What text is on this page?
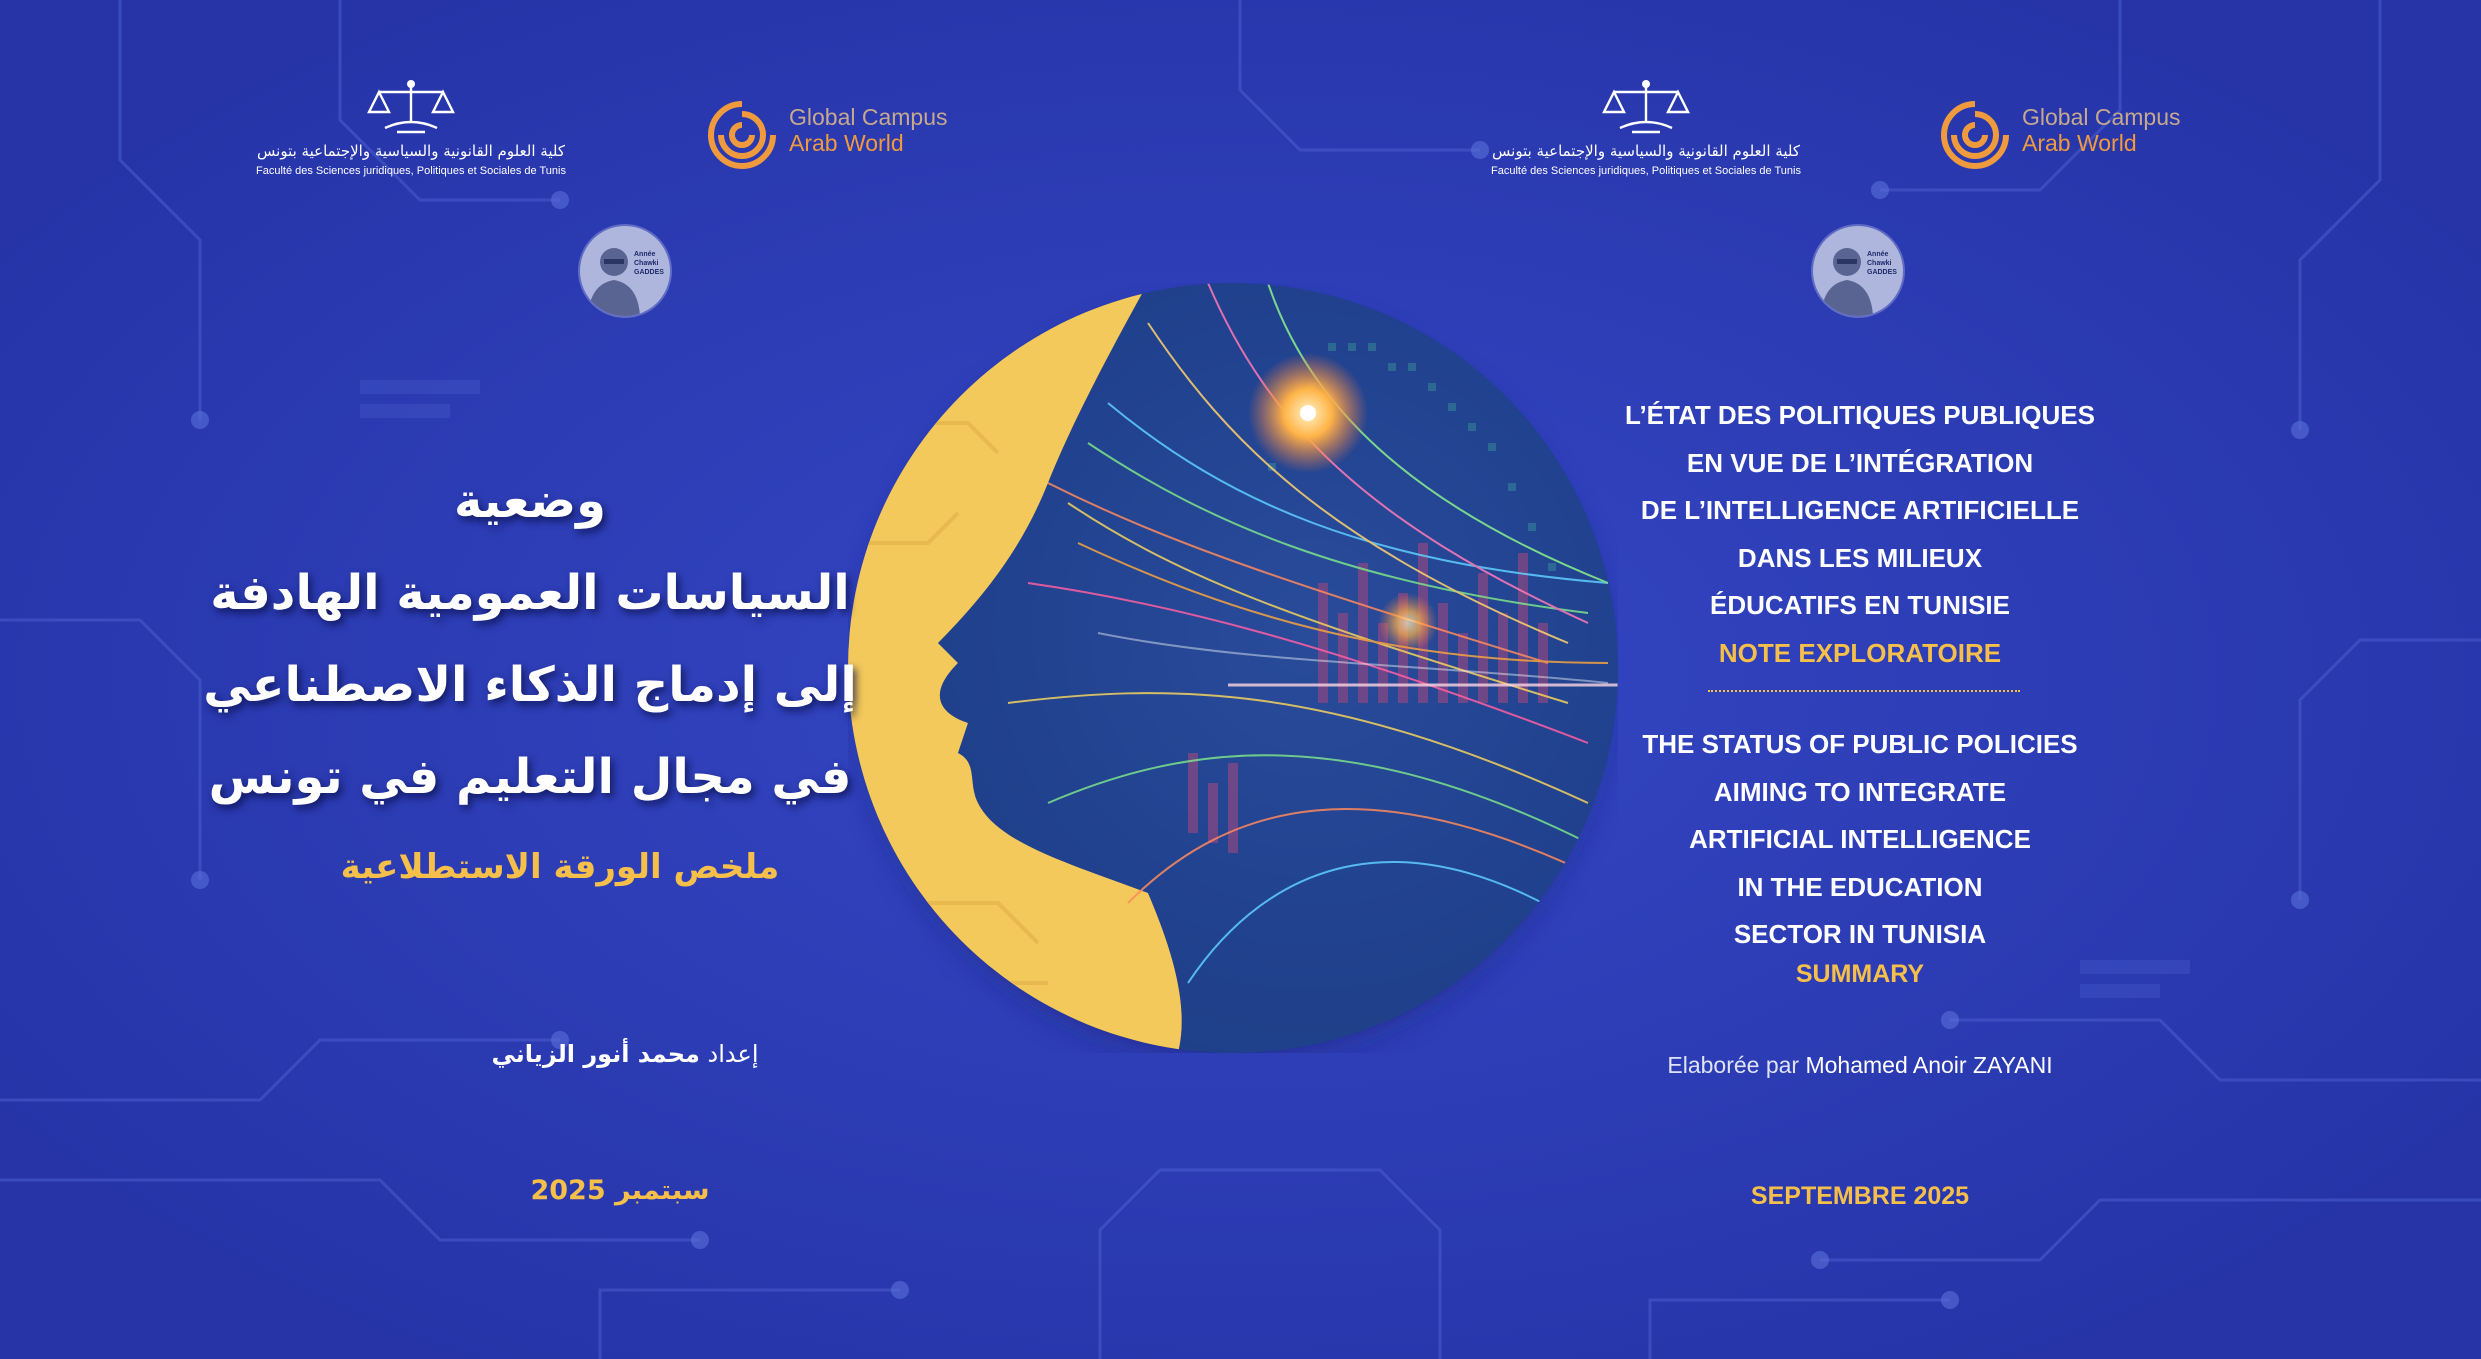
كلية العلوم القانونية والسياسية والإجتماعية بتونس
Faculté des Sciences juridiques, Politiques et Sociales de Tunis
Global Campus
Arab World
Année
Chawki
GADDES
كلية العلوم القانونية والسياسية والإجتماعية بتونس
Faculté des Sciences juridiques, Politiques et Sociales de Tunis
Global Campus
Arab World
Année
Chawki
GADDES
وضعية
السياسات العمومية الهادفة
إلى إدماج الذكاء الاصطناعي
في مجال التعليم في تونس
ملخص الورقة الاستطلاعية
إعداد محمد أنور الزياني
سبتمبر 2025
L’ÉTAT DES POLITIQUES PUBLIQUES
EN VUE DE L’INTÉGRATION
DE L’INTELLIGENCE ARTIFICIELLE
DANS LES MILIEUX
ÉDUCATIFS EN TUNISIE
NOTE EXPLORATOIRE
THE STATUS OF PUBLIC POLICIES
AIMING TO INTEGRATE
ARTIFICIAL INTELLIGENCE
IN THE EDUCATION
SECTOR IN TUNISIA
SUMMARY
Elaborée par Mohamed Anoir ZAYANI
SEPTEMBRE 2025
